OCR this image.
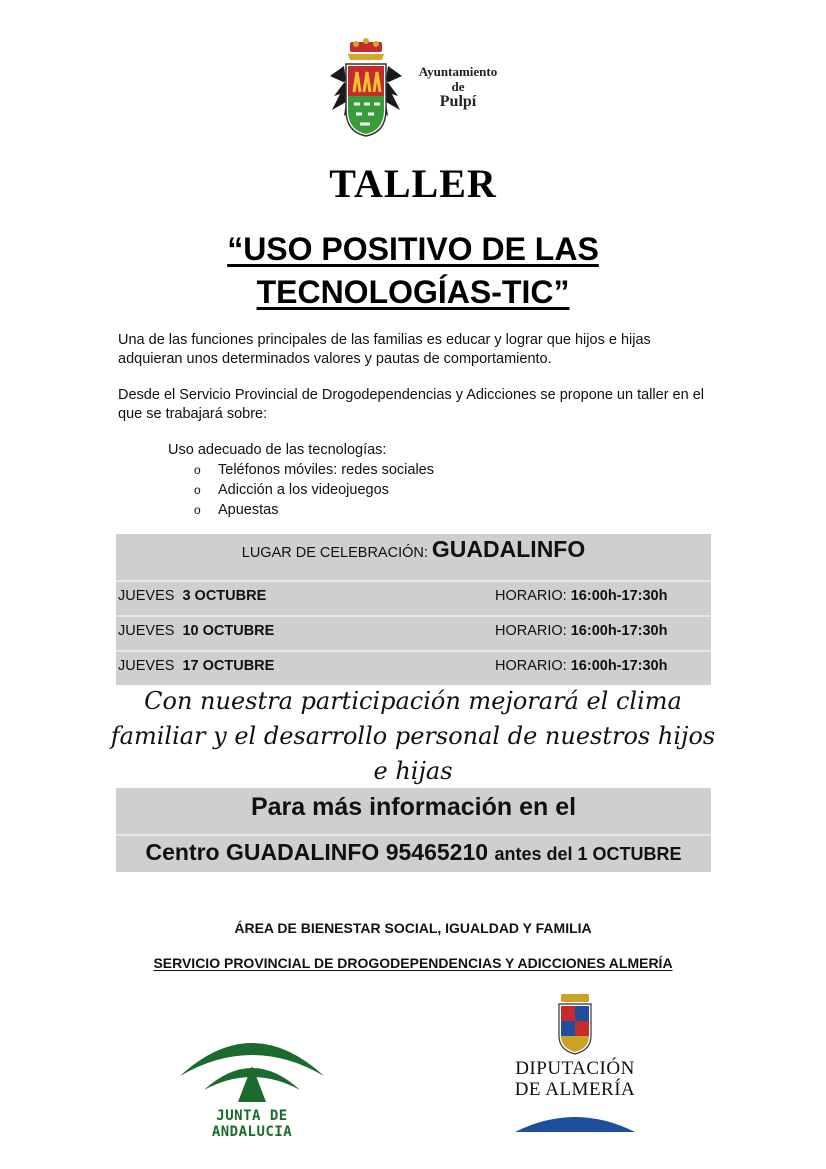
Ayuntamiento
de
Pulpí
TALLER
“USO POSITIVO DE LAS
TECNOLOGÍAS-TIC”
Una de las funciones principales de las familias es educar y lograr que hijos e hijas adquieran unos determinados valores y pautas de comportamiento.
Desde el Servicio Provincial de Drogodependencias y Adicciones se propone un taller en el que se trabajará sobre:
Uso adecuado de las tecnologías:
o Teléfonos móviles: redes sociales
o Adicción a los videojuegos
o Apuestas
LUGAR DE CELEBRACIÓN: GUADALINFO
JUEVES  3 OCTUBRE	HORARIO: 16:00h-17:30h
JUEVES  10 OCTUBRE	HORARIO: 16:00h-17:30h
JUEVES  17 OCTUBRE	HORARIO: 16:00h-17:30h
Con nuestra participación mejorará el clima familiar y el desarrollo personal de nuestros hijos e hijas
Para más información en el
Centro GUADALINFO 95465210 antes del 1 OCTUBRE
ÁREA DE BIENESTAR SOCIAL, IGUALDAD Y FAMILIA
SERVICIO PROVINCIAL DE DROGODEPENDENCIAS Y ADICCIONES ALMERÍA
JUNTA DE ANDALUCIA
DIPUTACIÓN
DE ALMERÍA
